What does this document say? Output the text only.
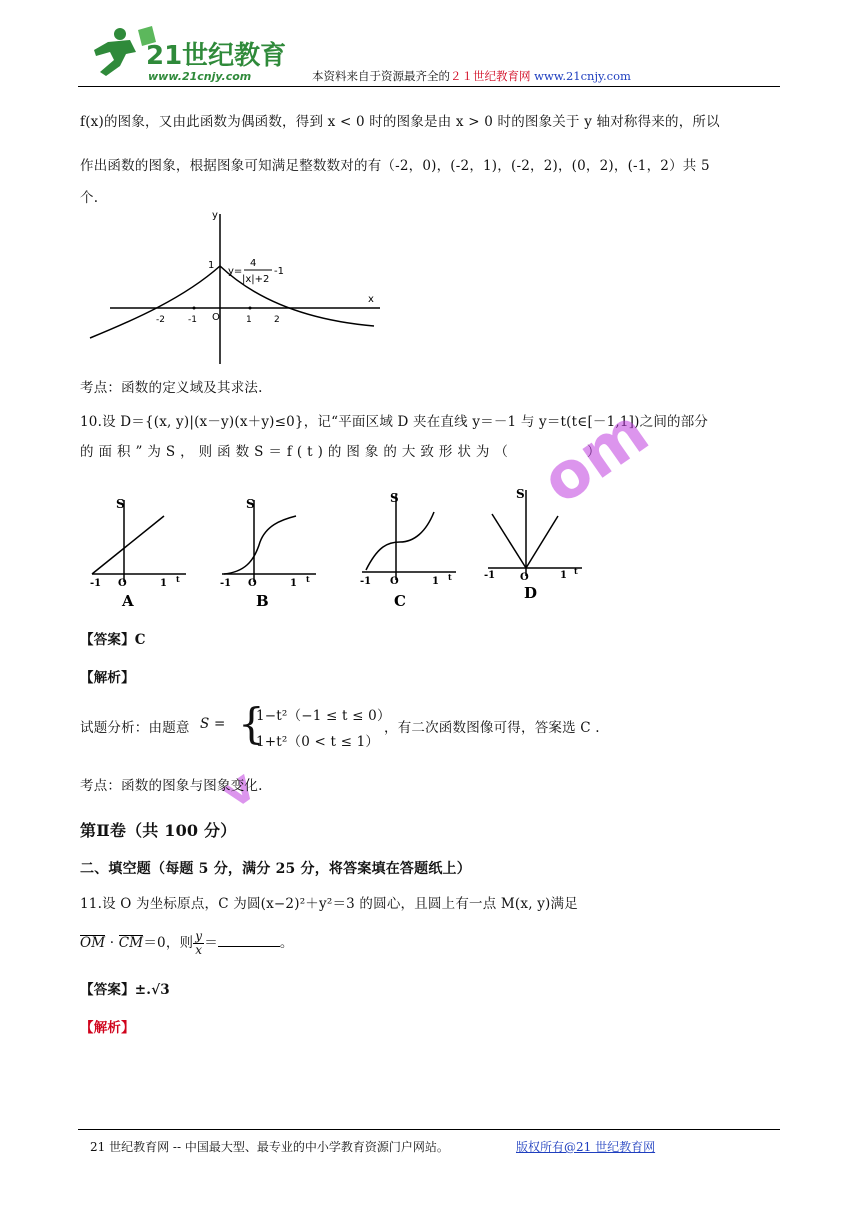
21世纪教育
www.21cnjy.com	本资料来自于资源最齐全的２１世纪教育网 www.21cnjy.com
f(x)的图象，又由此函数为偶函数，得到 x < 0 时的图象是由 x > 0 时的图象关于 y 轴对称得来的，所以
作出函数的图象，根据图象可知满足整数数对的有（-2，0)，(-2，1)，(-2，2)，(0，2)，(-1，2）共 5
个.
y
x
1
-2	-1 O	1 2
y=
4
|x|+2
-1
考点：函数的定义域及其求法.
10.设 D＝{(x, y)|(x－y)(x＋y)≤0}，记“平面区域 D 夹在直线 y＝－1 与 y＝t(t∈[－1,1])之间的部分
的面积”为S，则函数S＝f(t)的图象的大致形状为（　　　　）
S
-1 O	1 t
A
S
-1 O	1 t
B
S
-1 O	1 t
C
S
-1 O	1 t
D
om
v
【答案】C
【解析】
试题分析：由题意 S = {
1−t²（−1 ≤ t ≤ 0）
1+t²（0 < t ≤ 1）
，有二次函数图像可得，答案选 C .
考点：函数的图象与图象变化.
第Ⅱ卷（共 100 分）
二、填空题（每题 5 分，满分 25 分，将答案填在答题纸上）
11.设 O 为坐标原点，C 为圆(x−2)²＋y²＝3 的圆心，且圆上有一点 M(x, y)满足
OM · CM＝0，则 $\frac{y}{x}$ ＝	。
【答案】±.√3
【解析】
21 世纪教育网 -- 中国最大型、最专业的中小学教育资源门户网站。	版权所有@21 世纪教育网
